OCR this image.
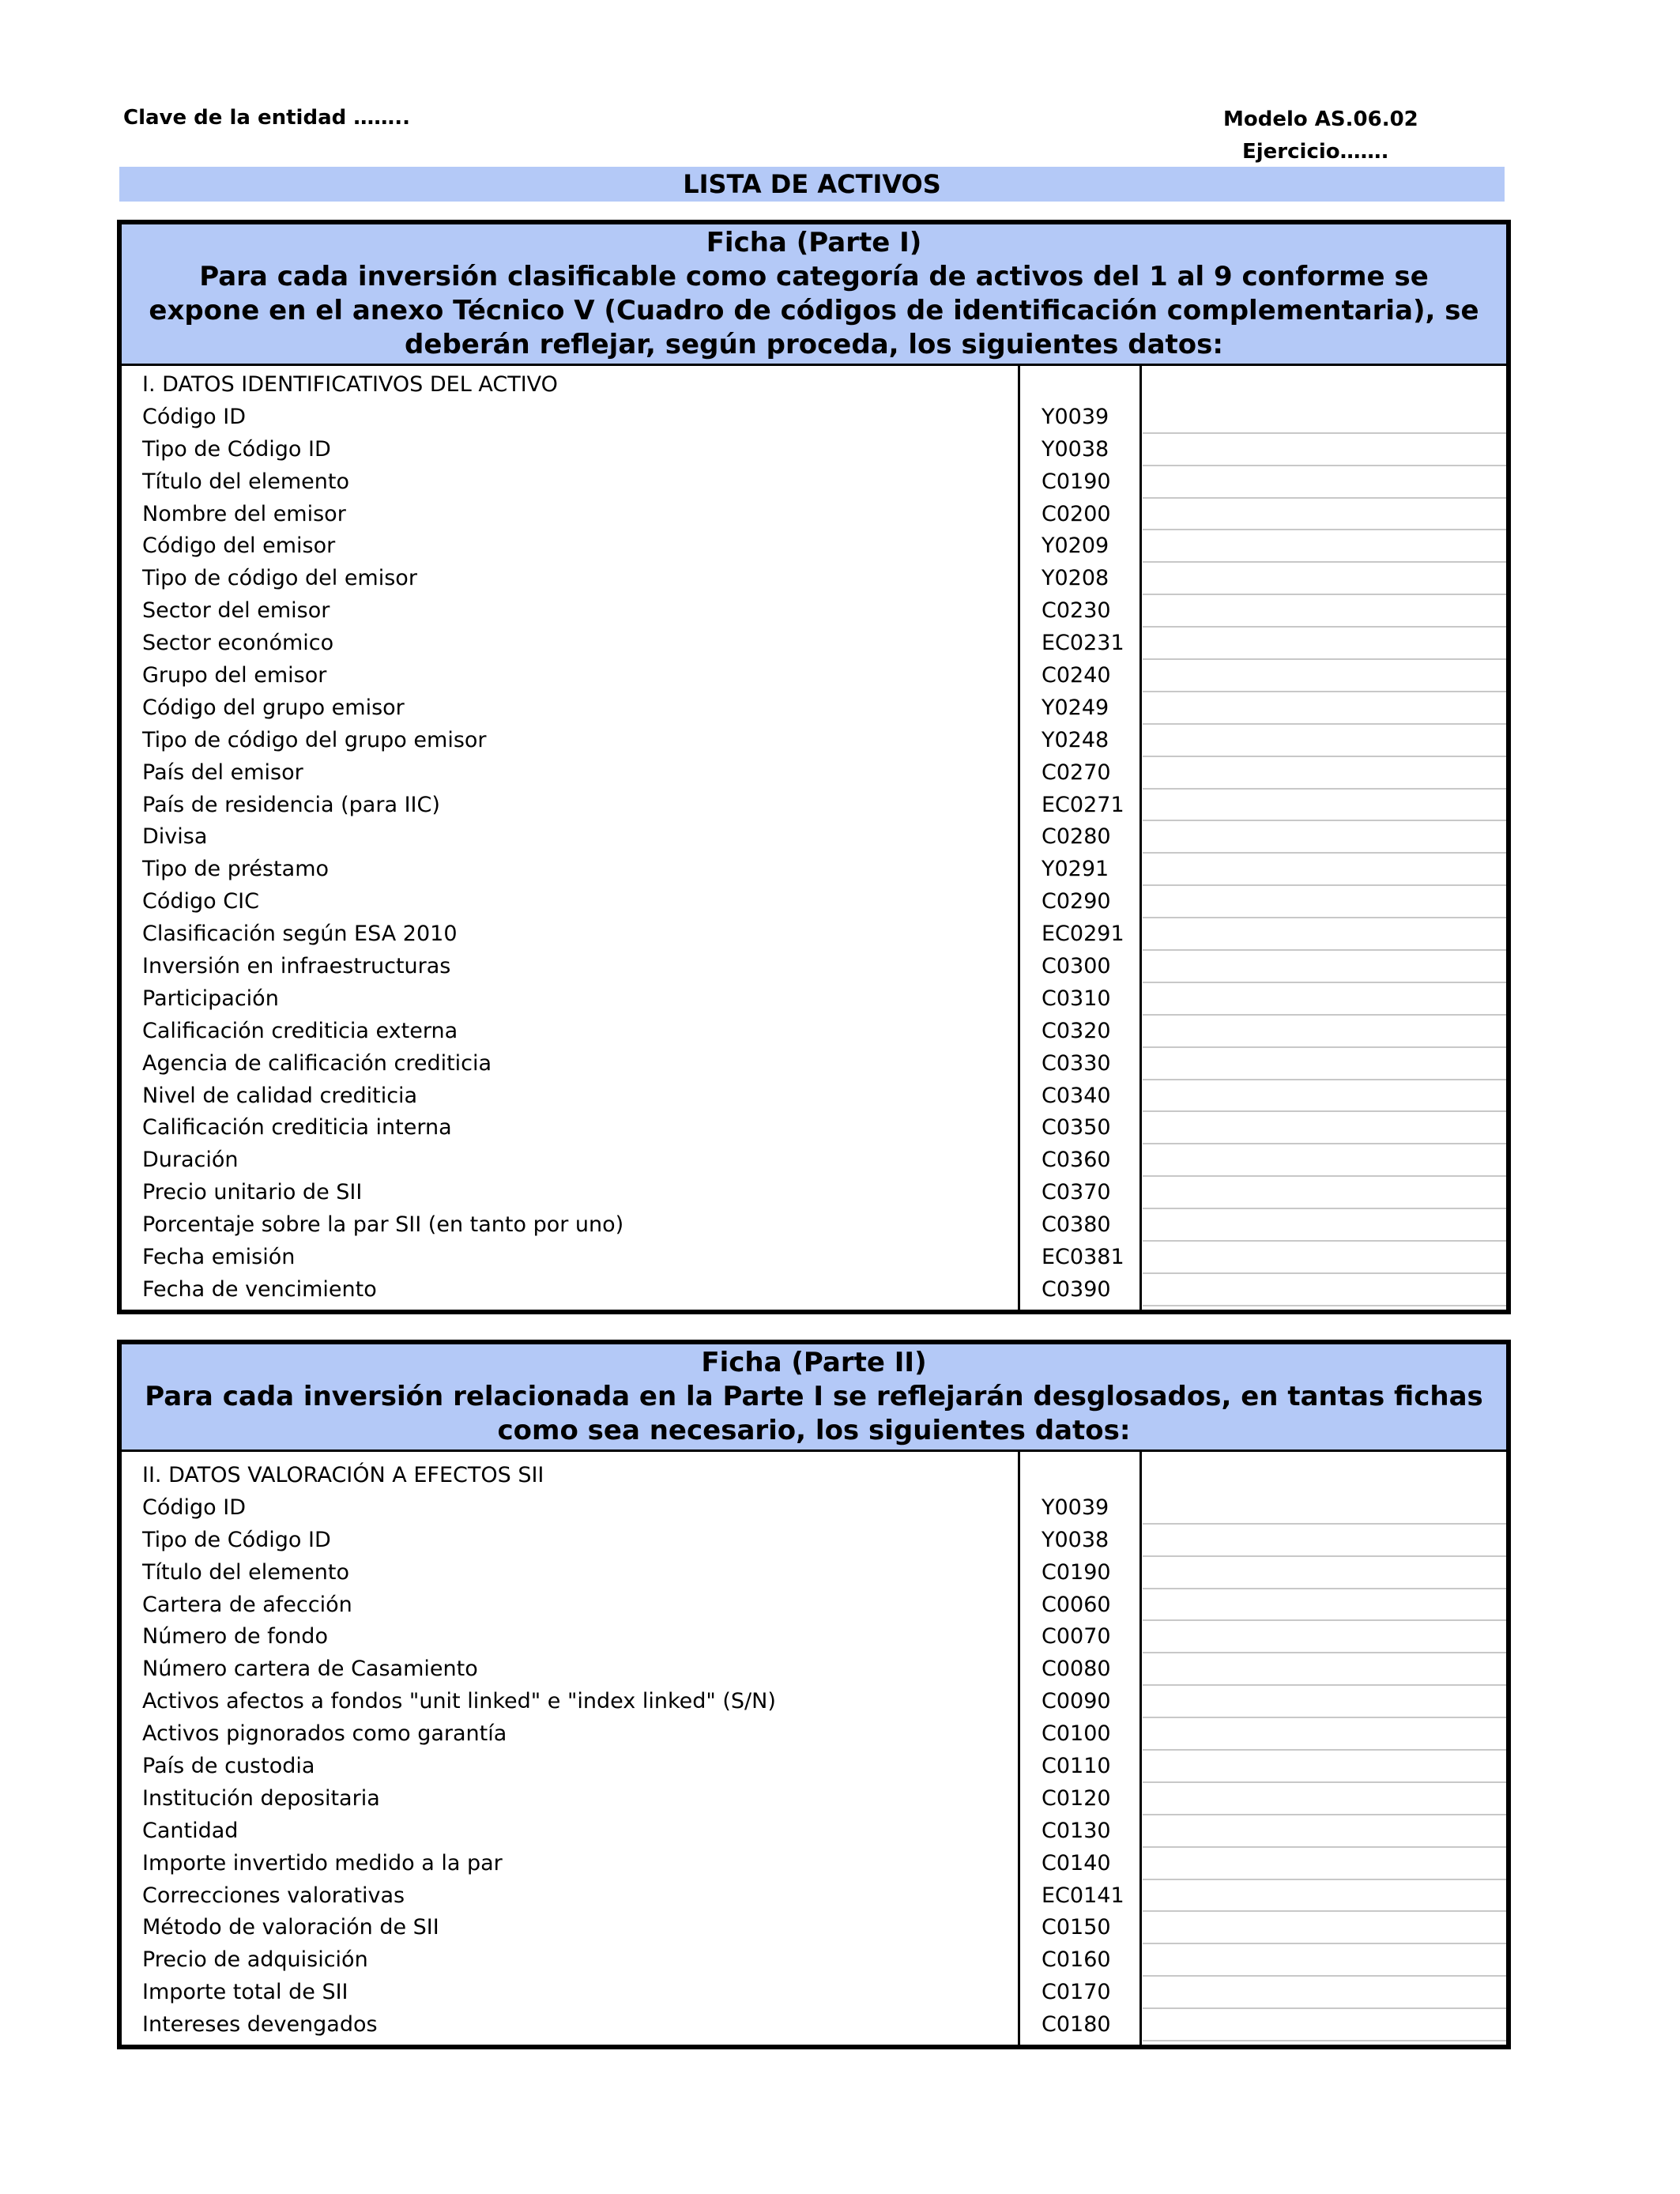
Clave de la entidad ……..	Modelo AS.06.02
Ejercicio…….
LISTA DE ACTIVOS
Ficha (Parte I)
Para cada inversión clasificable como categoría de activos del 1 al 9 conforme se expone en el anexo Técnico V (Cuadro de códigos de identificación complementaria), se deberán reflejar, según proceda, los siguientes datos:
I. DATOS IDENTIFICATIVOS DEL ACTIVO
Código ID	Y0039
Tipo de Código ID	Y0038
Título del elemento	C0190
Nombre del emisor	C0200
Código del emisor	Y0209
Tipo de código del emisor	Y0208
Sector del emisor	C0230
Sector económico	EC0231
Grupo del emisor	C0240
Código del grupo emisor	Y0249
Tipo de código del grupo emisor	Y0248
País del emisor	C0270
País de residencia (para IIC)	EC0271
Divisa	C0280
Tipo de préstamo	Y0291
Código CIC	C0290
Clasificación según ESA 2010	EC0291
Inversión en infraestructuras	C0300
Participación	C0310
Calificación crediticia externa	C0320
Agencia de calificación crediticia	C0330
Nivel de calidad crediticia	C0340
Calificación crediticia interna	C0350
Duración	C0360
Precio unitario de SII	C0370
Porcentaje sobre la par SII (en tanto por uno)	C0380
Fecha emisión	EC0381
Fecha de vencimiento	C0390
Ficha (Parte II)
Para cada inversión relacionada en la Parte I se reflejarán desglosados, en tantas fichas como sea necesario, los siguientes datos:
II. DATOS VALORACIÓN A EFECTOS SII
Código ID	Y0039
Tipo de Código ID	Y0038
Título del elemento	C0190
Cartera de afección	C0060
Número de fondo	C0070
Número cartera de Casamiento	C0080
Activos afectos a fondos "unit linked" e "index linked" (S/N)	C0090
Activos pignorados como garantía	C0100
País de custodia	C0110
Institución depositaria	C0120
Cantidad	C0130
Importe invertido medido a la par	C0140
Correcciones valorativas	EC0141
Método de valoración de SII	C0150
Precio de adquisición	C0160
Importe total de SII	C0170
Intereses devengados	C0180
